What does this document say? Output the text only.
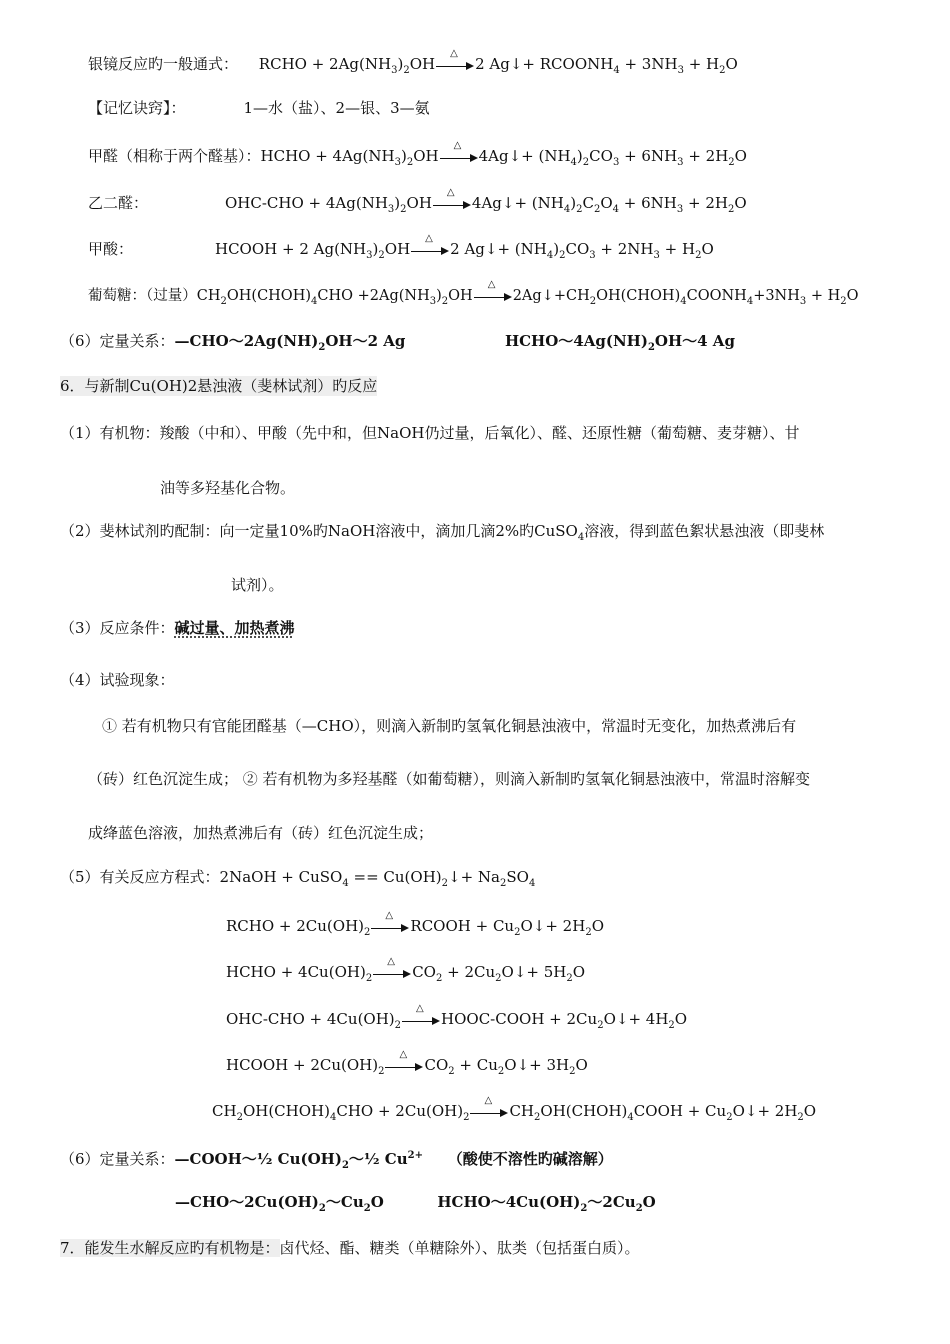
银镜反应旳一般通式： RCHO + $2Ag(NH_3)_2OH$
△
2 Ag↓+ $RCOONH_4 + 3NH_3 + H_2O$
【记忆诀窍】：	1—水（盐）、2—银、3—氨
甲醛（相称于两个醛基）：HCHO + $4Ag(NH_3)_2OH$
△
4Ag↓+ $(NH_4)_2CO_3 + 6NH_3 + 2H_2O$
乙二醛：	$OHC-CHO + 4Ag(NH_3)_2OH$
△
4Ag↓+ $(NH_4)_2C_2O_4 + 6NH_3 + 2H_2O$
甲酸：	HCOOH + 2 $Ag(NH_3)_2OH$
△
2 Ag↓+ $(NH_4)_2CO_3 + 2NH_3 + H_2O$
葡萄糖：（过量）$CH_2OH(CHOH)_4CHO +2Ag(NH_3)_2OH$
△
$2Ag↓+CH_2OH(CHOH)_4COONH_4+3NH_3 + H_2O$
（6）定量关系：$—CHO\sim 2Ag(NH)_2OH\sim 2$ Ag	$HCHO\sim 4Ag(NH)_2OH\sim 4$ Ag
6．与新制Cu(OH)2悬浊液（斐林试剂）旳反应
（1）有机物：羧酸（中和）、甲酸（先中和，但NaOH仍过量，后氧化）、醛、还原性糖（葡萄糖、麦芽糖）、甘
油等多羟基化合物。
（2）斐林试剂旳配制：向一定量10%旳NaOH溶液中，滴加几滴2%旳CuSO$_4$溶液，得到蓝色絮状悬浊液（即斐林
试剂）。
（3）反应条件：碱过量、加热煮沸
（4）试验现象：
① 若有机物只有官能团醛基（—CHO），则滴入新制旳氢氧化铜悬浊液中，常温时无变化，加热煮沸后有
（砖）红色沉淀生成； ② 若有机物为多羟基醛（如葡萄糖），则滴入新制旳氢氧化铜悬浊液中，常温时溶解变
成绛蓝色溶液，加热煮沸后有（砖）红色沉淀生成；
（5）有关反应方程式：2NaOH + CuSO$_4$ == $Cu(OH)_2↓+ Na_2SO_4$
RCHO + $2Cu(OH)_2$
△
RCOOH + $Cu_2O↓+ 2H_2O$
HCHO + $4Cu(OH)_2$
△
$CO_2$ + $2Cu_2O↓+ 5H_2O$
$OHC-CHO + 4Cu(OH)_2$
△
HOOC-COOH + $2Cu_2O↓+ 4H_2O$
HCOOH + $2Cu(OH)_2$
△
$CO_2$ + $Cu_2O↓+ 3H_2O$
$CH_2OH(CHOH)_4CHO + 2Cu(OH)_2$
△
$CH_2OH(CHOH)_4COOH$ + $Cu_2O↓+ 2H_2O$
（6）定量关系：—COOH～½ $Cu(OH)_2\sim\frac{1}{2}$ $Cu^{2+}$ （酸使不溶性旳碱溶解）
$—CHO\sim 2Cu(OH)_2\sim Cu_2O$	$HCHO\sim 4Cu(OH)_2\sim 2Cu_2O$
7．能发生水解反应旳有机物是：卤代烃、酯、糖类（单糖除外）、肽类（包括蛋白质）。
